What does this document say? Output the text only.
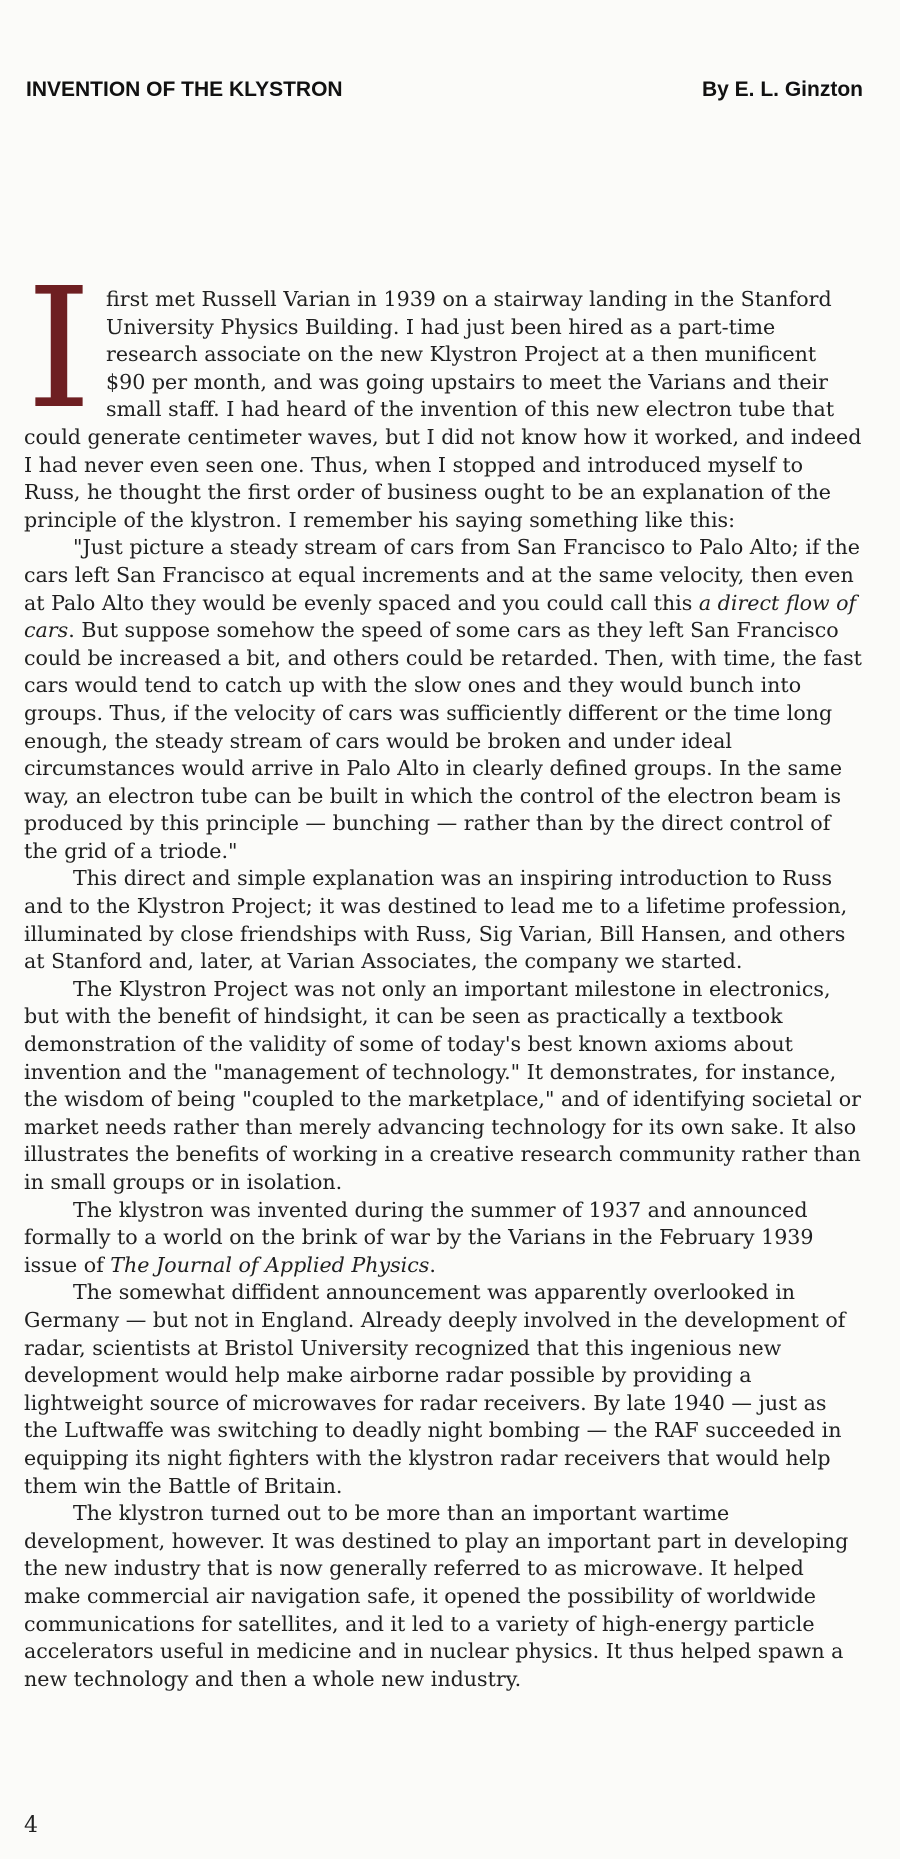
INVENTION OF THE KLYSTRON	By E. L. Ginzton

I first met Russell Varian in 1939 on a stairway landing in the Stanford University Physics Building. I had just been hired as a part-time research associate on the new Klystron Project at a then munificent $90 per month, and was going upstairs to meet the Varians and their small staff. I had heard of the invention of this new electron tube that could generate centimeter waves, but I did not know how it worked, and indeed I had never even seen one. Thus, when I stopped and introduced myself to Russ, he thought the first order of business ought to be an explanation of the principle of the klystron. I remember his saying something like this:

"Just picture a steady stream of cars from San Francisco to Palo Alto; if the cars left San Francisco at equal increments and at the same velocity, then even at Palo Alto they would be evenly spaced and you could call this a direct flow of cars. But suppose somehow the speed of some cars as they left San Francisco could be increased a bit, and others could be retarded. Then, with time, the fast cars would tend to catch up with the slow ones and they would bunch into groups. Thus, if the velocity of cars was sufficiently different or the time long enough, the steady stream of cars would be broken and under ideal circumstances would arrive in Palo Alto in clearly defined groups. In the same way, an electron tube can be built in which the control of the electron beam is produced by this principle — bunching — rather than by the direct control of the grid of a triode."

This direct and simple explanation was an inspiring introduction to Russ and to the Klystron Project; it was destined to lead me to a lifetime profession, illuminated by close friendships with Russ, Sig Varian, Bill Hansen, and others at Stanford and, later, at Varian Associates, the company we started.

The Klystron Project was not only an important milestone in electronics, but with the benefit of hindsight, it can be seen as practically a textbook demonstration of the validity of some of today's best known axioms about invention and the "management of technology." It demonstrates, for instance, the wisdom of being "coupled to the marketplace," and of identifying societal or market needs rather than merely advancing technology for its own sake. It also illustrates the benefits of working in a creative research community rather than in small groups or in isolation.

The klystron was invented during the summer of 1937 and announced formally to a world on the brink of war by the Varians in the February 1939 issue of The Journal of Applied Physics.

The somewhat diffident announcement was apparently overlooked in Germany — but not in England. Already deeply involved in the development of radar, scientists at Bristol University recognized that this ingenious new development would help make airborne radar possible by providing a lightweight source of microwaves for radar receivers. By late 1940 — just as the Luftwaffe was switching to deadly night bombing — the RAF succeeded in equipping its night fighters with the klystron radar receivers that would help them win the Battle of Britain.

The klystron turned out to be more than an important wartime development, however. It was destined to play an important part in developing the new industry that is now generally referred to as microwave. It helped make commercial air navigation safe, it opened the possibility of worldwide communications for satellites, and it led to a variety of high-energy particle accelerators useful in medicine and in nuclear physics. It thus helped spawn a new technology and then a whole new industry.

4
